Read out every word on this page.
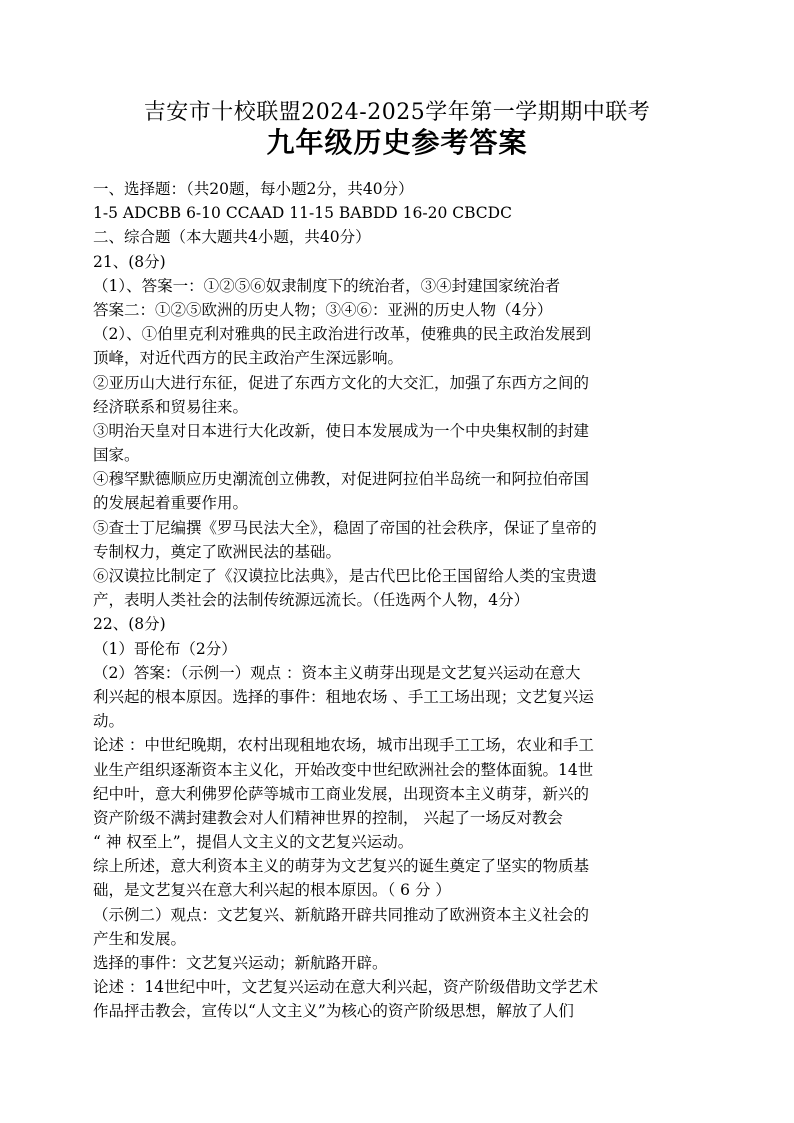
吉安市十校联盟2024-2025学年第一学期期中联考
九年级历史参考答案
一、选择题：（共20题，每小题2分，共40分）
1-5 ADCBB 6-10 CCAAD 11-15 BABDD 16-20 CBCDC
二、综合题（本大题共4小题，共40分）
21、(8分)
（1）、答案一：①②⑤⑥奴隶制度下的统治者，③④封建国家统治者
答案二：①②⑤欧洲的历史人物；③④⑥：亚洲的历史人物（4分）
（2）、①伯里克利对雅典的民主政治进行改革，使雅典的民主政治发展到
顶峰，对近代西方的民主政治产生深远影响。
②亚历山大进行东征，促进了东西方文化的大交汇，加强了东西方之间的
经济联系和贸易往来。
③明治天皇对日本进行大化改新，使日本发展成为一个中央集权制的封建
国家。
④穆罕默德顺应历史潮流创立佛教，对促进阿拉伯半岛统一和阿拉伯帝国
的发展起着重要作用。
⑤查士丁尼编撰《罗马民法大全》，稳固了帝国的社会秩序，保证了皇帝的
专制权力，奠定了欧洲民法的基础。
⑥汉谟拉比制定了《汉谟拉比法典》，是古代巴比伦王国留给人类的宝贵遗
产，表明人类社会的法制传统源远流长。（任选两个人物，4分）
22、(8分)
（1）哥伦布（2分）
（2）答案：（示例一）观点 ：资本主义萌芽出现是文艺复兴运动在意大
利兴起的根本原因。选择的事件：租地农场 、手工工场出现；文艺复兴运
动。
论述 ：中世纪晚期，农村出现租地农场，城市出现手工工场，农业和手工
业生产组织逐渐资本主义化，开始改变中世纪欧洲社会的整体面貌。14世
纪中叶，意大利佛罗伦萨等城市工商业发展，出现资本主义萌芽，新兴的
资产阶级不满封建教会对人们精神世界的控制， 兴起了一场反对教会
“ 神 权至上”，提倡人文主义的文艺复兴运动。
综上所述，意大利资本主义的萌芽为文艺复兴的诞生奠定了坚实的物质基
础，是文艺复兴在意大利兴起的根本原因。（ 6 分 ）
（示例二）观点：文艺复兴、新航路开辟共同推动了欧洲资本主义社会的
产生和发展。
选择的事件：文艺复兴运动；新航路开辟。
论述 ：14世纪中叶，文艺复兴运动在意大利兴起，资产阶级借助文学艺术
作品抨击教会，宣传以“人文主义”为核心的资产阶级思想，解放了人们
